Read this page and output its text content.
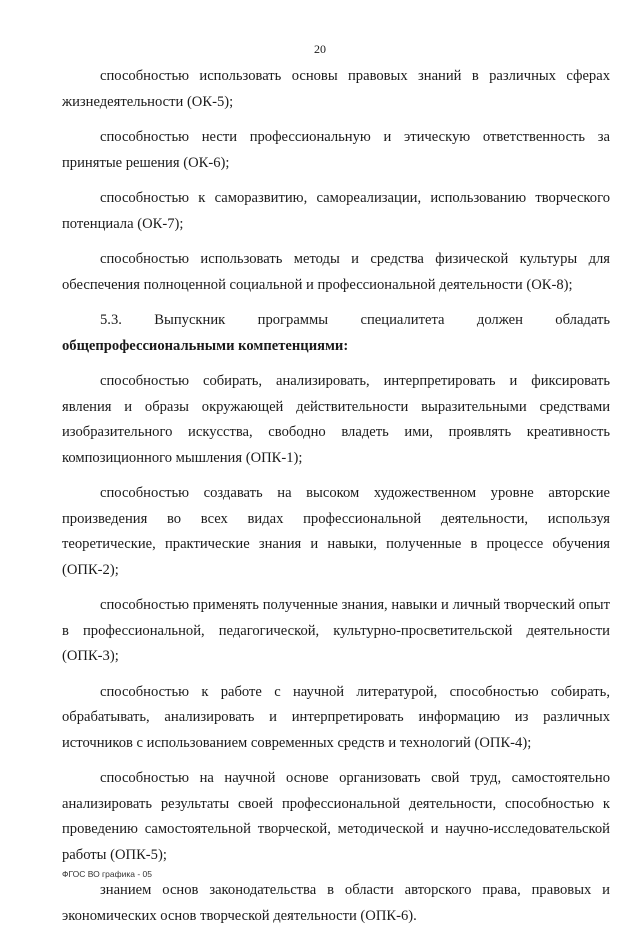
20

способностью использовать основы правовых знаний в различных сферах жизнедеятельности (ОК-5);

способностью нести профессиональную и этическую ответственность за принятые решения (ОК-6);

способностью к саморазвитию, самореализации, использованию творческого потенциала (ОК-7);

способностью использовать методы и средства физической культуры для обеспечения полноценной социальной и профессиональной деятельности (ОК-8);

5.3. Выпускник программы специалитета должен обладать
общепрофессиональными компетенциями:

способностью собирать, анализировать, интерпретировать и фиксировать явления и образы окружающей действительности выразительными средствами изобразительного искусства, свободно владеть ими, проявлять креативность композиционного мышления (ОПК-1);

способностью создавать на высоком художественном уровне авторские произведения во всех видах профессиональной деятельности, используя теоретические, практические знания и навыки, полученные в процессе обучения (ОПК-2);

способностью применять полученные знания, навыки и личный творческий опыт в профессиональной, педагогической, культурно-просветительской деятельности (ОПК-3);

способностью к работе с научной литературой, способностью собирать, обрабатывать, анализировать и интерпретировать информацию из различных источников с использованием современных средств и технологий (ОПК-4);

способностью на научной основе организовать свой труд, самостоятельно анализировать результаты своей профессиональной деятельности, способностью к проведению самостоятельной творческой, методической и научно-исследовательской работы (ОПК-5);

знанием основ законодательства в области авторского права, правовых и экономических основ творческой деятельности (ОПК-6).

ФГОС ВО графика - 05
